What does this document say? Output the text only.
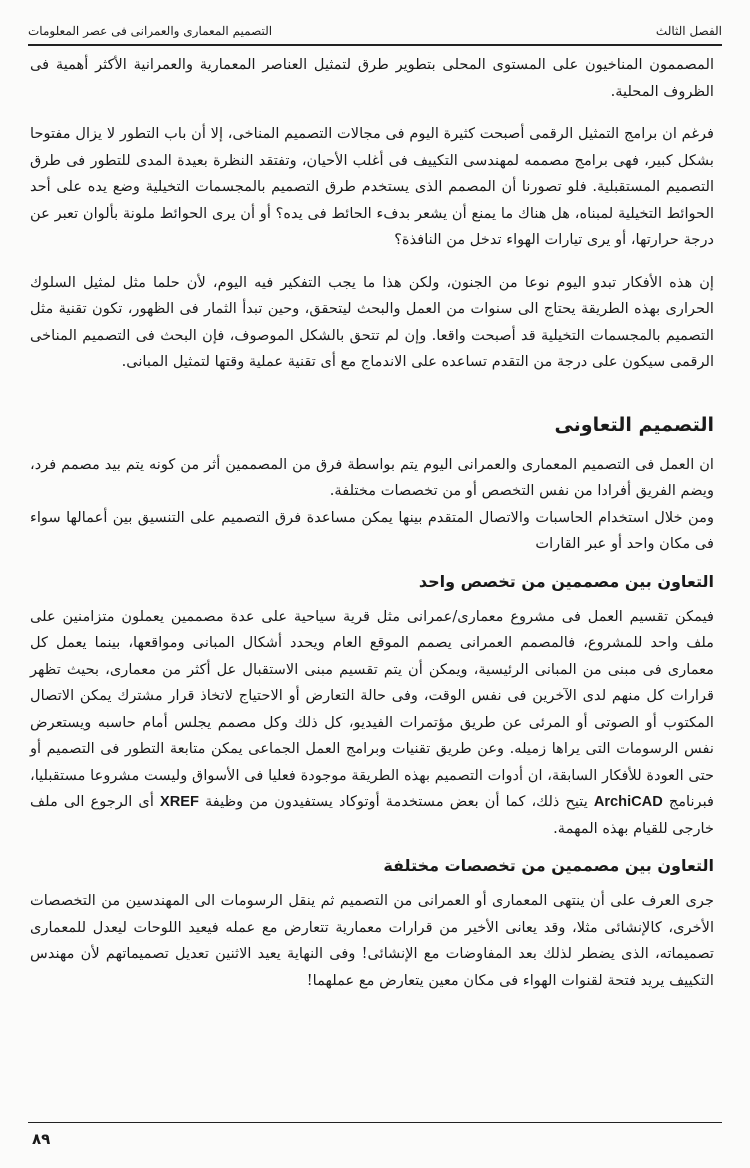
التصميم المعمارى والعمرانى فى عصر المعلومات	الفصل الثالث

المصممون المناخيون على المستوى المحلى بتطوير طرق لتمثيل العناصر المعمارية والعمرانية الأكثر أهمية فى الظروف المحلية.

فرغم ان برامج التمثيل الرقمى أصبحت كثيرة اليوم فى مجالات التصميم المناخى، إلا أن باب التطور لا يزال مفتوحا بشكل كبير، فهى برامج مصممه لمهندسى التكييف فى أغلب الأحيان، وتفتقد النظرة بعيدة المدى للتطور فى طرق التصميم المستقبلية. فلو تصورنا أن المصمم الذى يستخدم طرق التصميم بالمجسمات التخيلية وضع يده على أحد الحوائط التخيلية لمبناه، هل هناك ما يمنع أن يشعر بدفء الحائط فى يده؟ أو أن يرى الحوائط ملونة بألوان تعبر عن درجة حرارتها، أو يرى تيارات الهواء تدخل من النافذة؟

إن هذه الأفكار تبدو اليوم نوعا من الجنون، ولكن هذا ما يجب التفكير فيه اليوم، لأن حلما مثل لمثيل السلوك الحرارى بهذه الطريقة يحتاج الى سنوات من العمل والبحث ليتحقق، وحين تبدأ الثمار فى الظهور، تكون تقنية مثل التصميم بالمجسمات التخيلية قد أصبحت واقعا. وإن لم تتحق بالشكل الموصوف، فإن البحث فى التصميم المناخى الرقمى سيكون على درجة من التقدم تساعده على الاندماج مع أى تقنية عملية وقتها لتمثيل المبانى.

التصميم التعاونى

ان العمل فى التصميم المعمارى والعمرانى اليوم يتم بواسطة فرق من المصممين أثر من كونه يتم بيد مصمم فرد، ويضم الفريق أفرادا من نفس التخصص أو من تخصصات مختلفة.

ومن خلال استخدام الحاسبات والاتصال المتقدم بينها يمكن مساعدة فرق التصميم على التنسيق بين أعمالها سواء فى مكان واحد أو عبر القارات

التعاون بين مصممين من تخصص واحد

فيمكن تقسيم العمل فى مشروع معمارى/عمرانى مثل قرية سياحية على عدة مصممين يعملون متزامنين على ملف واحد للمشروع، فالمصمم العمرانى يصمم الموقع العام ويحدد أشكال المبانى ومواقعها، بينما يعمل كل معمارى فى مبنى من المبانى الرئيسية، ويمكن أن يتم تقسيم مبنى الاستقبال عل أكثر من معمارى، بحيث تظهر قرارات كل منهم لدى الآخرين فى نفس الوقت، وفى حالة التعارض أو الاحتياج لاتخاذ قرار مشترك يمكن الاتصال المكتوب أو الصوتى أو المرئى عن طريق مؤتمرات الفيديو، كل ذلك وكل مصمم يجلس أمام حاسبه ويستعرض نفس الرسومات التى يراها زميله. وعن طريق تقنيات وبرامج العمل الجماعى يمكن متابعة التطور فى التصميم أو حتى العودة للأفكار السابقة، ان أدوات التصميم بهذه الطريقة موجودة فعليا فى الأسواق وليست مشروعا مستقبليا، فبرنامج ArchiCAD يتيح ذلك، كما أن بعض مستخدمة أوتوكاد يستفيدون من وظيفة XREF أى الرجوع الى ملف خارجى للقيام بهذه المهمة.

التعاون بين مصممين من تخصصات مختلفة

جرى العرف على أن ينتهى المعمارى أو العمرانى من التصميم ثم ينقل الرسومات الى المهندسين من التخصصات الأخرى، كالإنشائى مثلا، وقد يعانى الأخير من قرارات معمارية تتعارض مع عمله فيعيد اللوحات ليعدل للمعمارى تصميماته، الذى يضطر لذلك بعد المفاوضات مع الإنشائى! وفى النهاية يعيد الاثنين تعديل تصميماتهم لأن مهندس التكييف يريد فتحة لقنوات الهواء فى مكان معين يتعارض مع عملهما!

٨٩
